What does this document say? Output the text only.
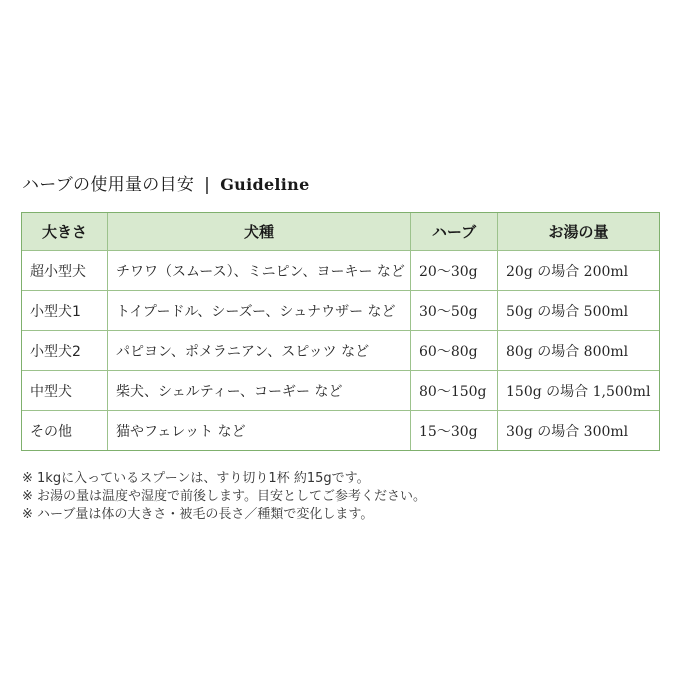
ハーブの使用量の目安 | Guideline
大きさ	犬種	ハーブ	お湯の量
超小型犬	チワワ（スムース）、ミニピン、ヨーキー など	20〜30g	20g の場合 200ml
小型犬1	トイプードル、シーズー、シュナウザー など	30〜50g	50g の場合 500ml
小型犬2	パピヨン、ポメラニアン、スピッツ など	60〜80g	80g の場合 800ml
中型犬	柴犬、シェルティー、コーギー など	80〜150g	150g の場合 1,500ml
その他	猫やフェレット など	15〜30g	30g の場合 300ml
※ 1kgに入っているスプーンは、すり切り1杯 約15gです。
※ お湯の量は温度や湿度で前後します。目安としてご参考ください。
※ ハーブ量は体の大きさ・被毛の長さ／種類で変化します。
